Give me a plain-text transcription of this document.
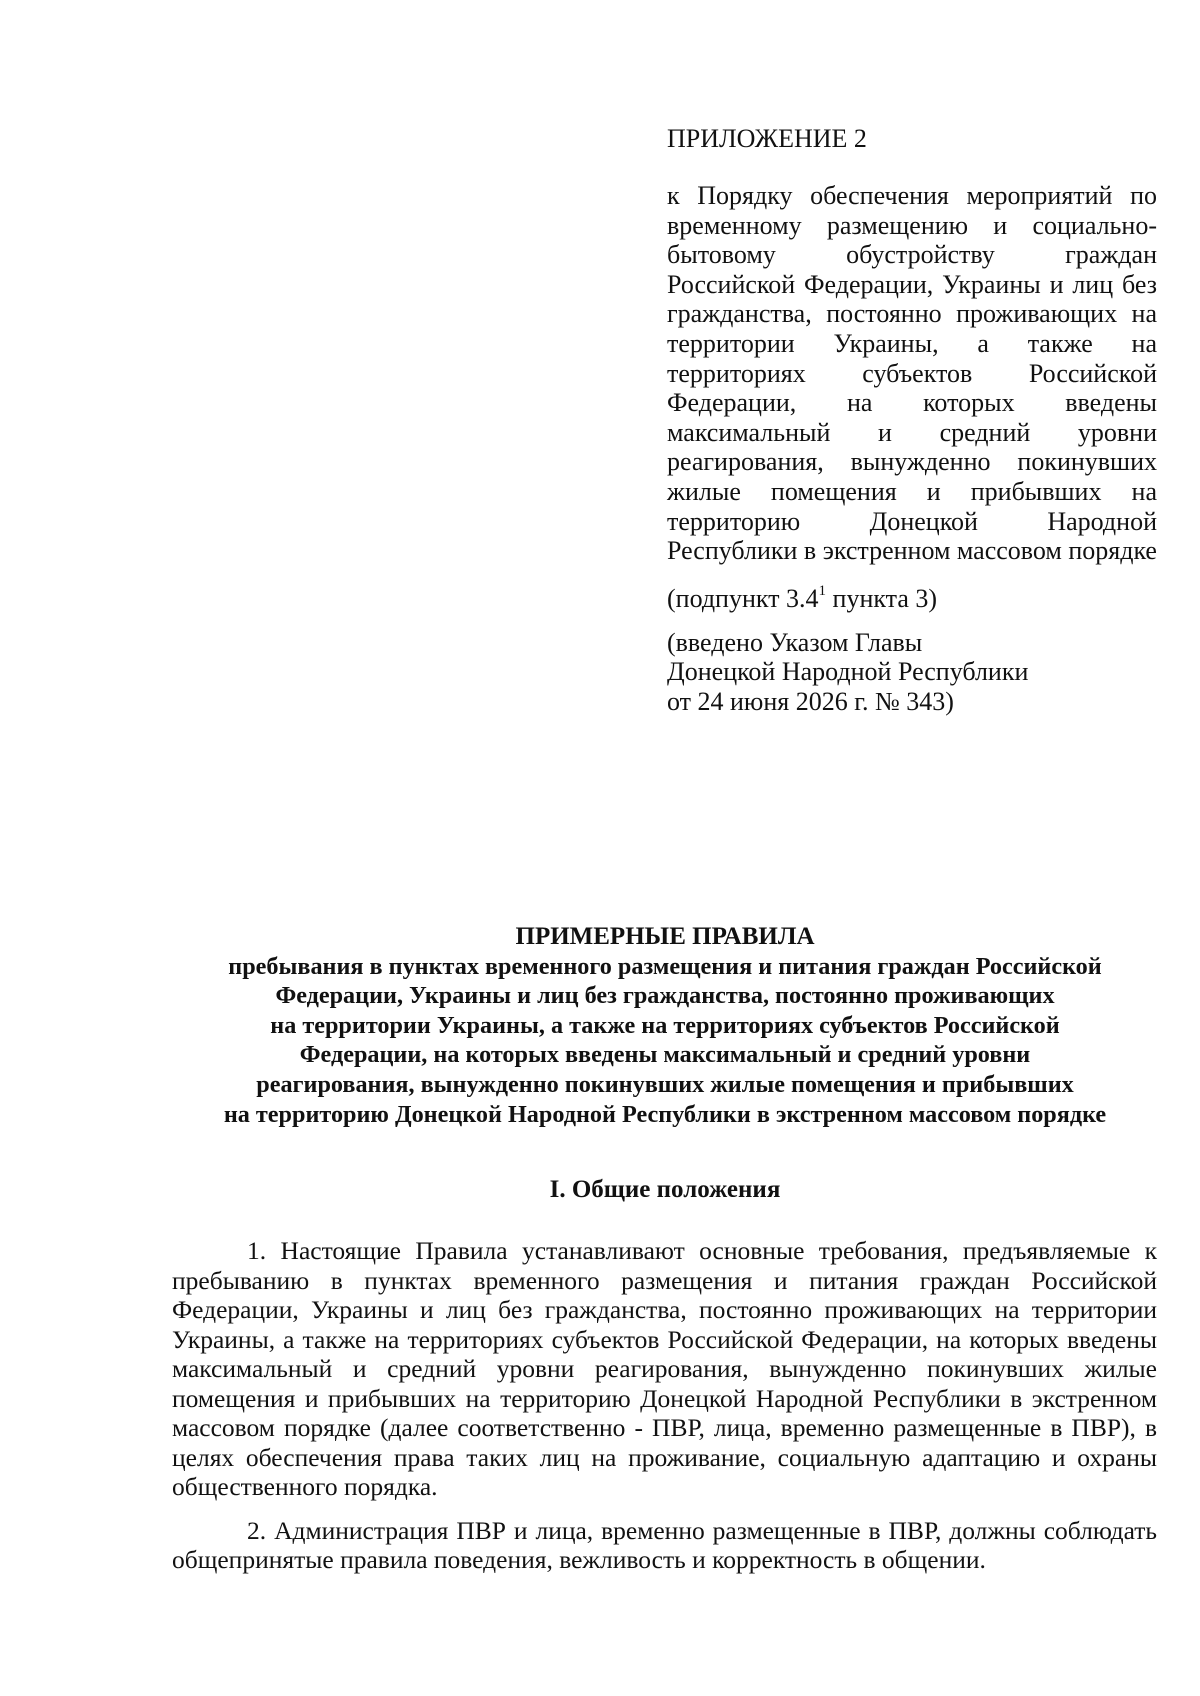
ПРИЛОЖЕНИЕ 2

к Порядку обеспечения мероприятий по временному размещению и социально-бытовому обустройству граждан Российской Федерации, Украины и лиц без гражданства, постоянно проживающих на территории Украины, а также на территориях субъектов Российской Федерации, на которых введены максимальный и средний уровни реагирования, вынужденно покинувших жилые помещения и прибывших на территорию Донецкой Народной Республики в экстренном массовом порядке

(подпункт $3.4^1$ пункта 3)

(введено Указом Главы
Донецкой Народной Республики
от 24 июня 2026 г. № 343)

ПРИМЕРНЫЕ ПРАВИЛА

пребывания в пунктах временного размещения и питания граждан Российской

Федерации, Украины и лиц без гражданства, постоянно проживающих

на территории Украины, а также на территориях субъектов Российской

Федерации, на которых введены максимальный и средний уровни

реагирования, вынужденно покинувших жилые помещения и прибывших

на территорию Донецкой Народной Республики в экстренном массовом порядке

I. Общие положения

1. Настоящие Правила устанавливают основные требования, предъявляемые к пребыванию в пунктах временного размещения и питания граждан Российской Федерации, Украины и лиц без гражданства, постоянно проживающих на территории Украины, а также на территориях субъектов Российской Федерации, на которых введены максимальный и средний уровни реагирования, вынужденно покинувших жилые помещения и прибывших на территорию Донецкой Народной Республики в экстренном массовом порядке (далее соответственно - ПВР, лица, временно размещенные в ПВР), в целях обеспечения права таких лиц на проживание, социальную адаптацию и охраны общественного порядка.

2. Администрация ПВР и лица, временно размещенные в ПВР, должны соблюдать общепринятые правила поведения, вежливость и корректность в общении.
